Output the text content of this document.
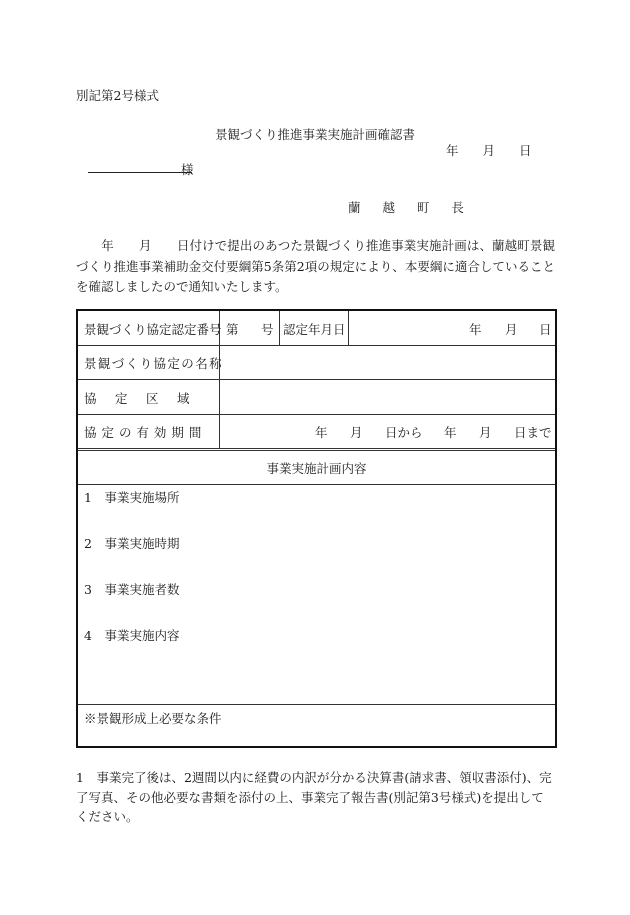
別記第2号様式
景観づくり推進事業実施計画確認書
年 月 日
様
蘭 越 町 長
　　年　　月　　日付けで提出のあつた景観づくり推進事業実施計画は、蘭越町景観づくり推進事業補助金交付要綱第5条第2項の規定により、本要綱に適合していることを確認しましたので通知いたします。
景観づくり協定認定番号 第 号 認定年月日	年 月 日
景観づくり協定の名称
協　定　区　域
協 定 の 有 効 期 間	年 月 日から 年 月 日まで
事業実施計画内容
1　事業実施場所
2　事業実施時期
3　事業実施者数
4　事業実施内容
※景観形成上必要な条件
1　事業完了後は、2週間以内に経費の内訳が分かる決算書(請求書、領収書添付)、完了写真、その他必要な書類を添付の上、事業完了報告書(別記第3号様式)を提出してください。
